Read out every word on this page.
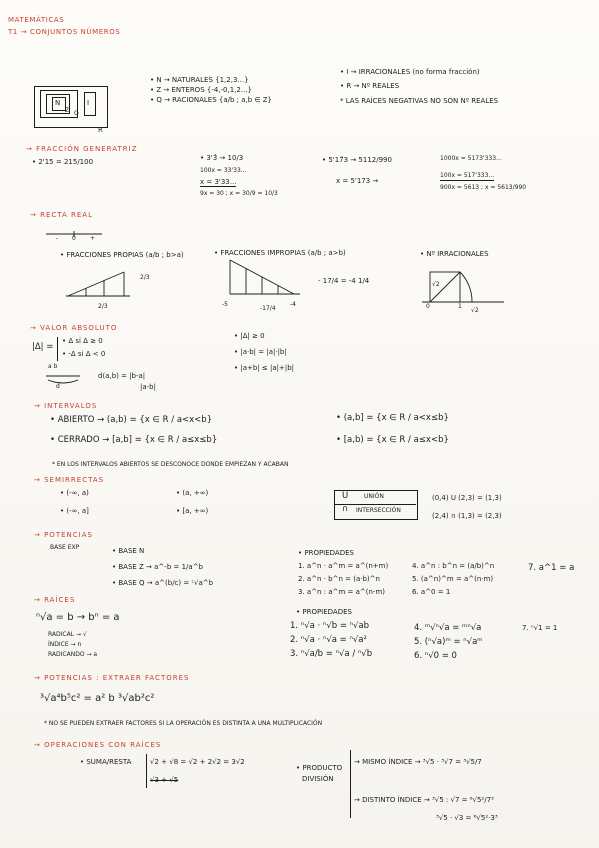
MATEMÁTICAS
T1 → CONJUNTOS NÚMEROS
N
Z Q
I
R
• N → NATURALES {1,2,3...}
• Z → ENTEROS {-4,-0,1,2...}
• Q → RACIONALES {a/b ; a,b ∈ Z}
• I → IRRACIONALES (no forma fracción)
• R → Nº REALES
* LAS RAÍCES NEGATIVAS NO SON Nº REALES
→ FRACCIÓN GENERATRIZ
• 2'15 = 215/100	• 3'3̂ → 10/3
100x = 33'33...
x = 3'33...
9x = 30 ; x = 30/9 = 10/3
• 5'17̂3 → 5112/990
x = 5'173 →
1000x = 5173'333...
100x = 517'333...
900x = 5613 ; x = 5613/990
→ RECTA REAL
- 0 +
• FRACCIONES PROPIAS (a/b ; b>a)
2/3
2/3
• FRACCIONES IMPROPIAS (a/b ; a>b)
- 17/4 = -4 1/4
-5
-17/4
-4
• Nº IRRACIONALES
√2
0	1
√2
→ VALOR ABSOLUTO
|Δ| =
• Δ si Δ ≥ 0
• -Δ si Δ < 0
a b
d
d(a,b) = |b-a|
|a-b|
• |Δ| ≥ 0
• |a·b| = |a|·|b|
• |a+b| ≤ |a|+|b|
→ INTERVALOS
• ABIERTO → (a,b) = {x ∈ R / a<x<b}
• CERRADO → [a,b] = {x ∈ R / a≤x≤b}
• (a,b] = {x ∈ R / a<x≤b}
• [a,b) = {x ∈ R / a≤x<b}
* EN LOS INTERVALOS ABIERTOS SE DESCONOCE DONDE EMPIEZAN Y ACABAN
→ SEMIRRECTAS
• (-∞, a)
• (-∞, a]
• (a, +∞)
• [a, +∞)
U	UNIÓN
∩ INTERSECCIÓN
(0,4) U (2,3) = (1,3)
(2,4) ∩ (1,3) = (2,3)
→ POTENCIAS
BASE EXP	• BASE N
• BASE Z → a^-b = 1/a^b
• BASE Q → a^(b/c) = ᶜ√a^b
• PROPIEDADES
1. a^n · a^m = a^(n+m)
2. a^n · b^n = (a·b)^n
3. a^n : a^m = a^(n-m)
4. a^n : b^n = (a/b)^n
5. (a^n)^m = a^(n·m)
6. a^0 = 1
7. a^1 = a
→ RAÍCES
ⁿ√a = b → bⁿ = a
RADICAL → √
ÍNDICE → n
RADICANDO → a
• PROPIEDADES
1. ⁿ√a · ⁿ√b = ⁿ√ab
2. ⁿ√a · ⁿ√a = ⁿ√a²
3. ⁿ√a/b = ⁿ√a / ⁿ√b
4. ᵐ√ⁿ√a = ᵐⁿ√a
5. (ⁿ√a)ᵐ = ⁿ√aᵐ
6. ⁿ√0 = 0
7. ⁿ√1 = 1
→ POTENCIAS : EXTRAER FACTORES
³√a⁴b⁵c² = a² b ³√ab²c²
* NO SE PUEDEN EXTRAER FACTORES SI LA OPERACIÓN ES DISTINTA A UNA MULTIPLICACIÓN
→ OPERACIONES CON RAÍCES
• SUMA/RESTA	√2 + √8 = √2 + 2√2 = 3√2
√3 + √5
• PRODUCTO
DIVISIÓN
→ MISMO ÍNDICE → ³√5 · ³√7 = ³√5/7
→ DISTINTO ÍNDICE → ³√5 : √7 = ⁶√5²/7³
³√5 · √3 = ⁶√5²·3³
